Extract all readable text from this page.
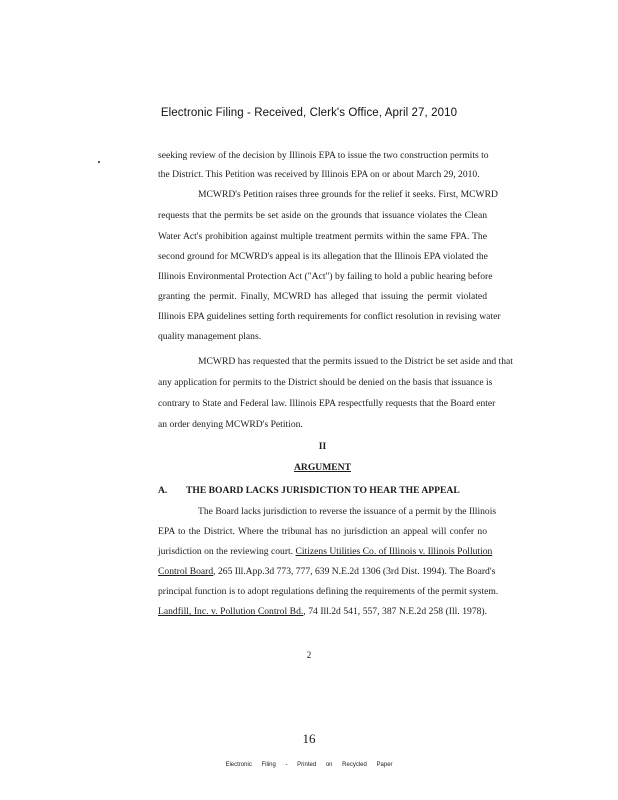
Electronic Filing - Received, Clerk's Office, April 27, 2010
seeking review of the decision by Illinois EPA to issue the two construction permits to
the District. This Petition was received by Illinois EPA on or about March 29, 2010.
MCWRD's Petition raises three grounds for the relief it seeks. First, MCWRD
requests that the permits be set aside on the grounds that issuance violates the Clean
Water Act's prohibition against multiple treatment permits within the same FPA. The
second ground for MCWRD's appeal is its allegation that the Illinois EPA violated the
Illinois Environmental Protection Act ("Act") by failing to hold a public hearing before
granting the permit. Finally, MCWRD has alleged that issuing the permit violated
Illinois EPA guidelines setting forth requirements for conflict resolution in revising water
quality management plans.
MCWRD has requested that the permits issued to the District be set aside and that
any application for permits to the District should be denied on the basis that issuance is
contrary to State and Federal law. Illinois EPA respectfully requests that the Board enter
an order denying MCWRD's Petition.
II
ARGUMENT
A. THE BOARD LACKS JURISDICTION TO HEAR THE APPEAL
The Board lacks jurisdiction to reverse the issuance of a permit by the Illinois
EPA to the District. Where the tribunal has no jurisdiction an appeal will confer no
jurisdiction on the reviewing court. Citizens Utilities Co. of Illinois v. Illinois Pollution
Control Board, 265 Ill.App.3d 773, 777, 639 N.E.2d 1306 (3rd Dist. 1994). The Board's
principal function is to adopt regulations defining the requirements of the permit system.
Landfill, Inc. v. Pollution Control Bd., 74 Ill.2d 541, 557, 387 N.E.2d 258 (Ill. 1978).
2
16
Electronic Filing - Printed on Recycled Paper
